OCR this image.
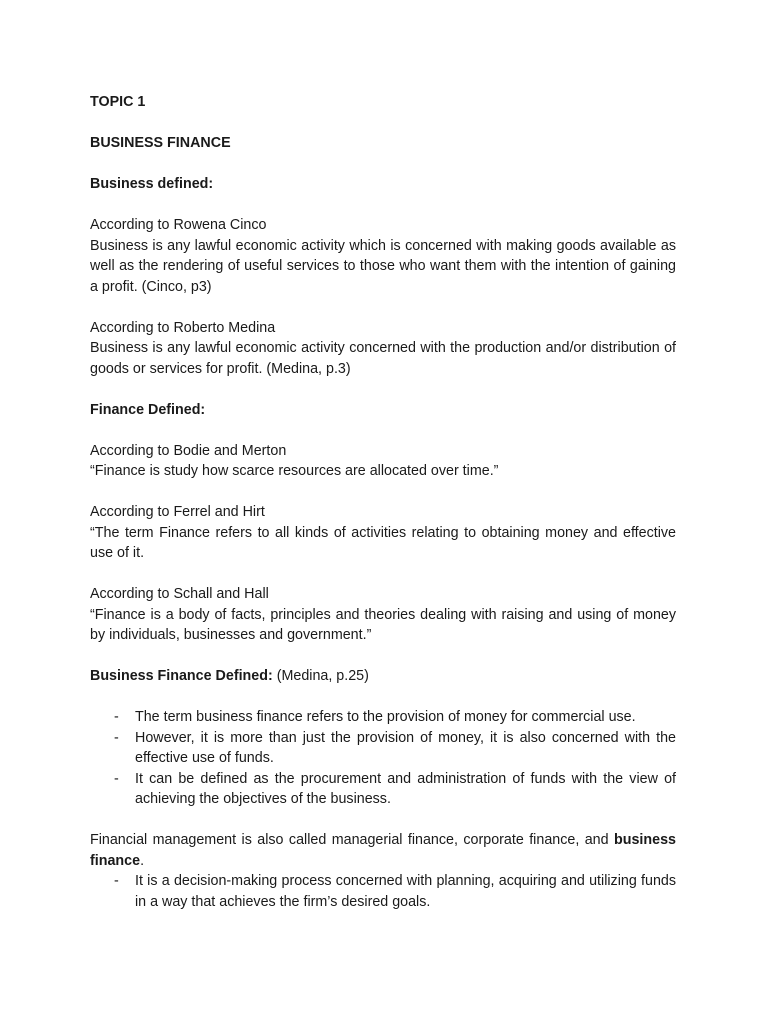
TOPIC 1

BUSINESS FINANCE

Business defined:

According to Rowena Cinco

Business is any lawful economic activity which is concerned with making goods available as well as the rendering of useful services to those who want them with the intention of gaining a profit. (Cinco, p3)

According to Roberto Medina

Business is any lawful economic activity concerned with the production and/or distribution of goods or services for profit. (Medina, p.3)

Finance Defined:

According to Bodie and Merton

“Finance is study how scarce resources are allocated over time.”

According to Ferrel and Hirt

“The term Finance refers to all kinds of activities relating to obtaining money and effective use of it.

According to Schall and Hall

“Finance is a body of facts, principles and theories dealing with raising and using of money by individuals, businesses and government.”

Business Finance Defined: (Medina, p.25)

- The term business finance refers to the provision of money for commercial use.
- However, it is more than just the provision of money, it is also concerned with the effective use of funds.
- It can be defined as the procurement and administration of funds with the view of achieving the objectives of the business.

Financial management is also called managerial finance, corporate finance, and business finance.

- It is a decision-making process concerned with planning, acquiring and utilizing funds in a way that achieves the firm’s desired goals.
